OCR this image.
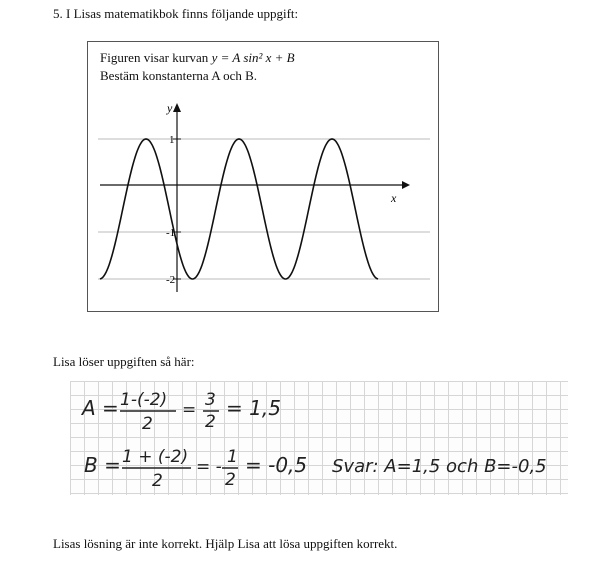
5. I Lisas matematikbok finns följande uppgift:
Figuren visar kurvan y = A sin² x + B
Bestäm konstanterna A och B.
y
x
1
-1
-2
Lisa löser uppgiften så här:
A = 1-(-2)
2
= 3
2
= 1,5
B = 1 + (-2)
2
= - 1
2
= -0,5 Svar: A=1,5 och B=-0,5
Lisas lösning är inte korrekt. Hjälp Lisa att lösa uppgiften korrekt.
